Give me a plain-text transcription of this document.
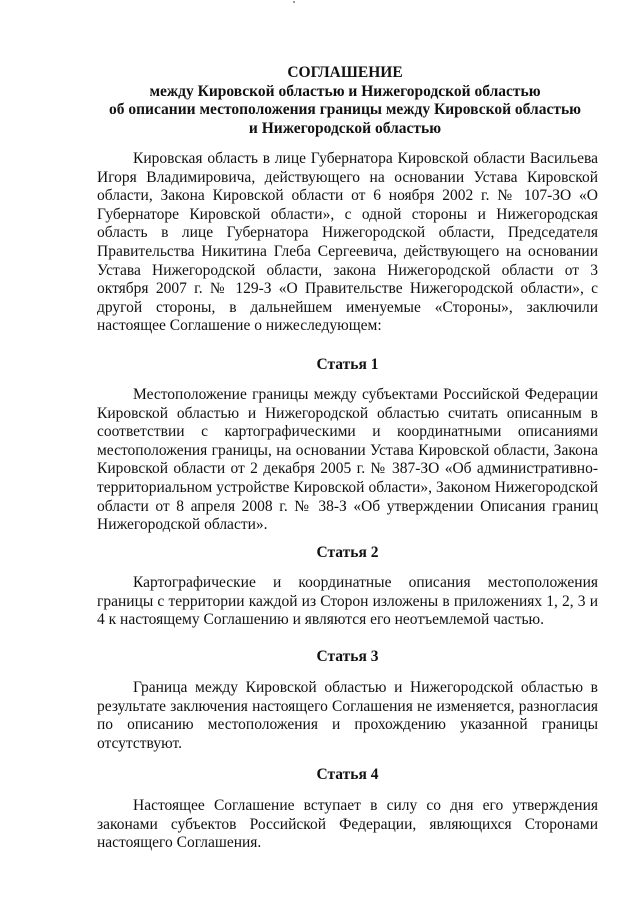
СОГЛАШЕНИЕ
между Кировской областью и Нижегородской областью
об описании местоположения границы между Кировской областью
и Нижегородской областью

Кировская область в лице Губернатора Кировской области Васильева Игоря Владимировича, действующего на основании Устава Кировской области, Закона Кировской области от 6 ноября 2002 г. № 107-ЗО «О Губернаторе Кировской области», с одной стороны и Нижегородская область в лице Губернатора Нижегородской области, Председателя Правительства Никитина Глеба Сергеевича, действующего на основании Устава Нижегородской области, закона Нижегородской области от 3 октября 2007 г. № 129-З «О Правительстве Нижегородской области», с другой стороны, в дальнейшем именуемые «Стороны», заключили настоящее Соглашение о нижеследующем:

Статья 1

Местоположение границы между субъектами Российской Федерации Кировской областью и Нижегородской областью считать описанным в соответствии с картографическими и координатными описаниями местоположения границы, на основании Устава Кировской области, Закона Кировской области от 2 декабря 2005 г. № 387-ЗО «Об административно-территориальном устройстве Кировской области», Законом Нижегородской области от 8 апреля 2008 г. № 38-З «Об утверждении Описания границ Нижегородской области».

Статья 2

Картографические и координатные описания местоположения границы с территории каждой из Сторон изложены в приложениях 1, 2, 3 и 4 к настоящему Соглашению и являются его неотъемлемой частью.

Статья 3

Граница между Кировской областью и Нижегородской областью в результате заключения настоящего Соглашения не изменяется, разногласия по описанию местоположения и прохождению указанной границы отсутствуют.

Статья 4

Настоящее Соглашение вступает в силу со дня его утверждения законами субъектов Российской Федерации, являющихся Сторонами настоящего Соглашения.
